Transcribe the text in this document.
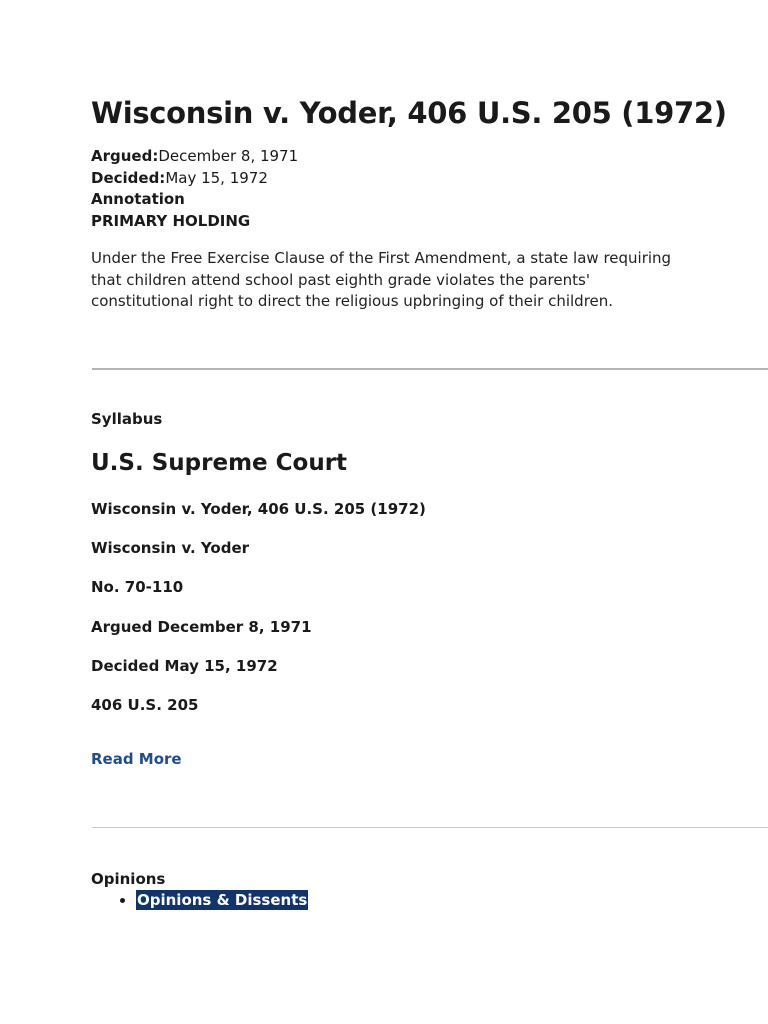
Wisconsin v. Yoder, 406 U.S. 205 (1972)
Argued:December 8, 1971
Decided:May 15, 1972
Annotation
PRIMARY HOLDING

Under the Free Exercise Clause of the First Amendment, a state law requiring that children attend school past eighth grade violates the parents' constitutional right to direct the religious upbringing of their children.

Syllabus
U.S. Supreme Court
Wisconsin v. Yoder, 406 U.S. 205 (1972)
Wisconsin v. Yoder
No. 70-110
Argued December 8, 1971
Decided May 15, 1972
406 U.S. 205
Read More
Opinions
• Opinions & Dissents
